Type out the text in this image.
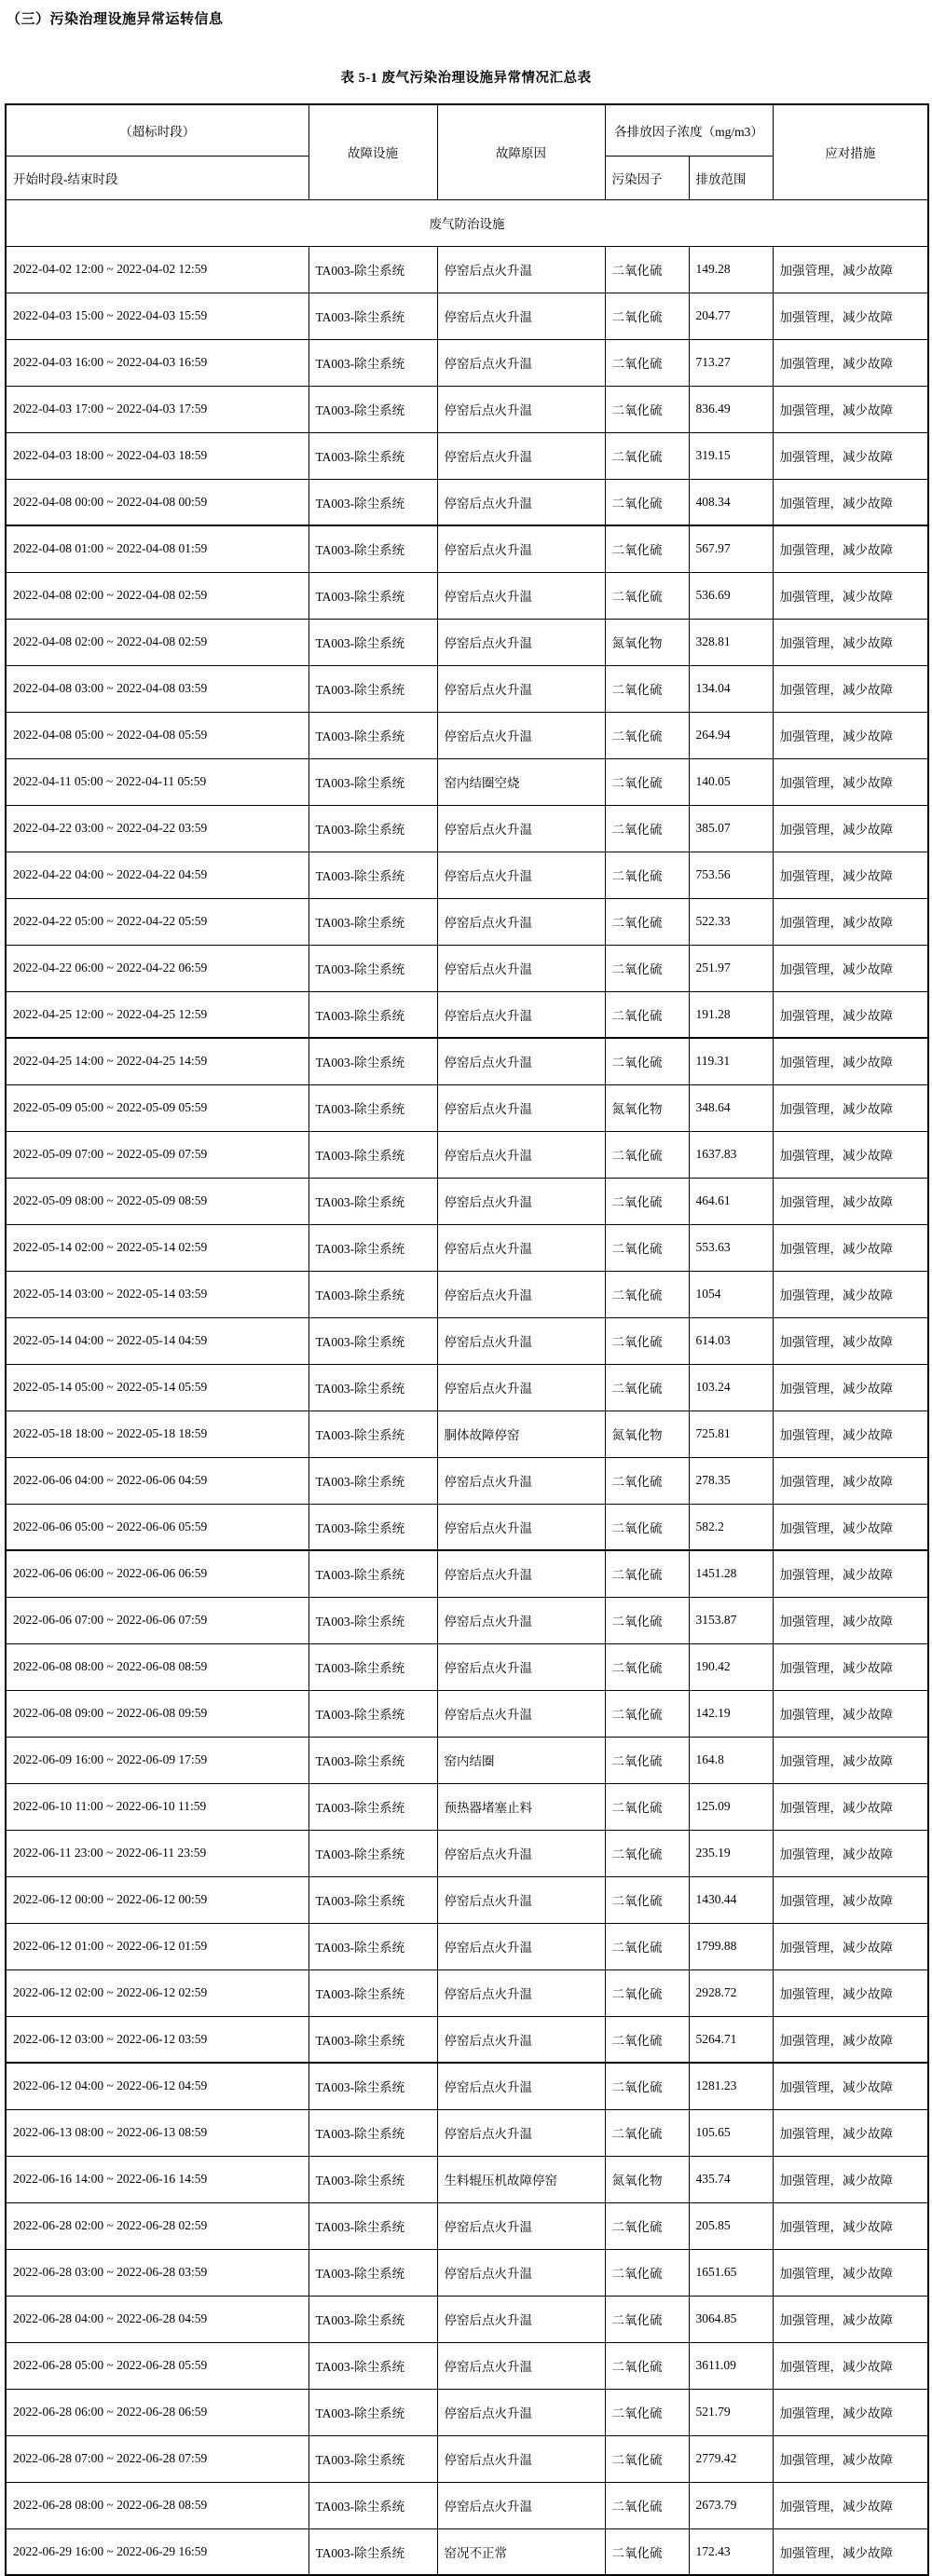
（三）污染治理设施异常运转信息
表 5-1 废气污染治理设施异常情况汇总表
（超标时段）	故障设施	故障原因	各排放因子浓度（mg/m3）		应对措施
开始时段-结束时段			污染因子	排放范围	
废气防治设施					
2022-04-02 12:00 ~ 2022-04-02 12:59	TA003-除尘系统	停窑后点火升温	二氧化硫	149.28	加强管理，减少故障
2022-04-03 15:00 ~ 2022-04-03 15:59	TA003-除尘系统	停窑后点火升温	二氧化硫	204.77	加强管理，减少故障
2022-04-03 16:00 ~ 2022-04-03 16:59	TA003-除尘系统	停窑后点火升温	二氧化硫	713.27	加强管理，减少故障
2022-04-03 17:00 ~ 2022-04-03 17:59	TA003-除尘系统	停窑后点火升温	二氧化硫	836.49	加强管理，减少故障
2022-04-03 18:00 ~ 2022-04-03 18:59	TA003-除尘系统	停窑后点火升温	二氧化硫	319.15	加强管理，减少故障
2022-04-08 00:00 ~ 2022-04-08 00:59	TA003-除尘系统	停窑后点火升温	二氧化硫	408.34	加强管理，减少故障
2022-04-08 01:00 ~ 2022-04-08 01:59	TA003-除尘系统	停窑后点火升温	二氧化硫	567.97	加强管理，减少故障
2022-04-08 02:00 ~ 2022-04-08 02:59	TA003-除尘系统	停窑后点火升温	二氧化硫	536.69	加强管理，减少故障
2022-04-08 02:00 ~ 2022-04-08 02:59	TA003-除尘系统	停窑后点火升温	氮氧化物	328.81	加强管理，减少故障
2022-04-08 03:00 ~ 2022-04-08 03:59	TA003-除尘系统	停窑后点火升温	二氧化硫	134.04	加强管理，减少故障
2022-04-08 05:00 ~ 2022-04-08 05:59	TA003-除尘系统	停窑后点火升温	二氧化硫	264.94	加强管理，减少故障
2022-04-11 05:00 ~ 2022-04-11 05:59	TA003-除尘系统	窑内结圈空烧	二氧化硫	140.05	加强管理，减少故障
2022-04-22 03:00 ~ 2022-04-22 03:59	TA003-除尘系统	停窑后点火升温	二氧化硫	385.07	加强管理，减少故障
2022-04-22 04:00 ~ 2022-04-22 04:59	TA003-除尘系统	停窑后点火升温	二氧化硫	753.56	加强管理，减少故障
2022-04-22 05:00 ~ 2022-04-22 05:59	TA003-除尘系统	停窑后点火升温	二氧化硫	522.33	加强管理，减少故障
2022-04-22 06:00 ~ 2022-04-22 06:59	TA003-除尘系统	停窑后点火升温	二氧化硫	251.97	加强管理，减少故障
2022-04-25 12:00 ~ 2022-04-25 12:59	TA003-除尘系统	停窑后点火升温	二氧化硫	191.28	加强管理，减少故障
2022-04-25 14:00 ~ 2022-04-25 14:59	TA003-除尘系统	停窑后点火升温	二氧化硫	119.31	加强管理，减少故障
2022-05-09 05:00 ~ 2022-05-09 05:59	TA003-除尘系统	停窑后点火升温	氮氧化物	348.64	加强管理，减少故障
2022-05-09 07:00 ~ 2022-05-09 07:59	TA003-除尘系统	停窑后点火升温	二氧化硫	1637.83	加强管理，减少故障
2022-05-09 08:00 ~ 2022-05-09 08:59	TA003-除尘系统	停窑后点火升温	二氧化硫	464.61	加强管理，减少故障
2022-05-14 02:00 ~ 2022-05-14 02:59	TA003-除尘系统	停窑后点火升温	二氧化硫	553.63	加强管理，减少故障
2022-05-14 03:00 ~ 2022-05-14 03:59	TA003-除尘系统	停窑后点火升温	二氧化硫	1054	加强管理，减少故障
2022-05-14 04:00 ~ 2022-05-14 04:59	TA003-除尘系统	停窑后点火升温	二氧化硫	614.03	加强管理，减少故障
2022-05-14 05:00 ~ 2022-05-14 05:59	TA003-除尘系统	停窑后点火升温	二氧化硫	103.24	加强管理，减少故障
2022-05-18 18:00 ~ 2022-05-18 18:59	TA003-除尘系统	胴体故障停窑	氮氧化物	725.81	加强管理，减少故障
2022-06-06 04:00 ~ 2022-06-06 04:59	TA003-除尘系统	停窑后点火升温	二氧化硫	278.35	加强管理，减少故障
2022-06-06 05:00 ~ 2022-06-06 05:59	TA003-除尘系统	停窑后点火升温	二氧化硫	582.2	加强管理，减少故障
2022-06-06 06:00 ~ 2022-06-06 06:59	TA003-除尘系统	停窑后点火升温	二氧化硫	1451.28	加强管理，减少故障
2022-06-06 07:00 ~ 2022-06-06 07:59	TA003-除尘系统	停窑后点火升温	二氧化硫	3153.87	加强管理，减少故障
2022-06-08 08:00 ~ 2022-06-08 08:59	TA003-除尘系统	停窑后点火升温	二氧化硫	190.42	加强管理，减少故障
2022-06-08 09:00 ~ 2022-06-08 09:59	TA003-除尘系统	停窑后点火升温	二氧化硫	142.19	加强管理，减少故障
2022-06-09 16:00 ~ 2022-06-09 17:59	TA003-除尘系统	窑内结圈	二氧化硫	164.8	加强管理，减少故障
2022-06-10 11:00 ~ 2022-06-10 11:59	TA003-除尘系统	预热器堵塞止料	二氧化硫	125.09	加强管理，减少故障
2022-06-11 23:00 ~ 2022-06-11 23:59	TA003-除尘系统	停窑后点火升温	二氧化硫	235.19	加强管理，减少故障
2022-06-12 00:00 ~ 2022-06-12 00:59	TA003-除尘系统	停窑后点火升温	二氧化硫	1430.44	加强管理，减少故障
2022-06-12 01:00 ~ 2022-06-12 01:59	TA003-除尘系统	停窑后点火升温	二氧化硫	1799.88	加强管理，减少故障
2022-06-12 02:00 ~ 2022-06-12 02:59	TA003-除尘系统	停窑后点火升温	二氧化硫	2928.72	加强管理，减少故障
2022-06-12 03:00 ~ 2022-06-12 03:59	TA003-除尘系统	停窑后点火升温	二氧化硫	5264.71	加强管理，减少故障
2022-06-12 04:00 ~ 2022-06-12 04:59	TA003-除尘系统	停窑后点火升温	二氧化硫	1281.23	加强管理，减少故障
2022-06-13 08:00 ~ 2022-06-13 08:59	TA003-除尘系统	停窑后点火升温	二氧化硫	105.65	加强管理，减少故障
2022-06-16 14:00 ~ 2022-06-16 14:59	TA003-除尘系统	生料辊压机故障停窑	氮氧化物	435.74	加强管理，减少故障
2022-06-28 02:00 ~ 2022-06-28 02:59	TA003-除尘系统	停窑后点火升温	二氧化硫	205.85	加强管理，减少故障
2022-06-28 03:00 ~ 2022-06-28 03:59	TA003-除尘系统	停窑后点火升温	二氧化硫	1651.65	加强管理，减少故障
2022-06-28 04:00 ~ 2022-06-28 04:59	TA003-除尘系统	停窑后点火升温	二氧化硫	3064.85	加强管理，减少故障
2022-06-28 05:00 ~ 2022-06-28 05:59	TA003-除尘系统	停窑后点火升温	二氧化硫	3611.09	加强管理，减少故障
2022-06-28 06:00 ~ 2022-06-28 06:59	TA003-除尘系统	停窑后点火升温	二氧化硫	521.79	加强管理，减少故障
2022-06-28 07:00 ~ 2022-06-28 07:59	TA003-除尘系统	停窑后点火升温	二氧化硫	2779.42	加强管理，减少故障
2022-06-28 08:00 ~ 2022-06-28 08:59	TA003-除尘系统	停窑后点火升温	二氧化硫	2673.79	加强管理，减少故障
2022-06-29 16:00 ~ 2022-06-29 16:59	TA003-除尘系统	窑况不正常	二氧化硫	172.43	加强管理，减少故障
